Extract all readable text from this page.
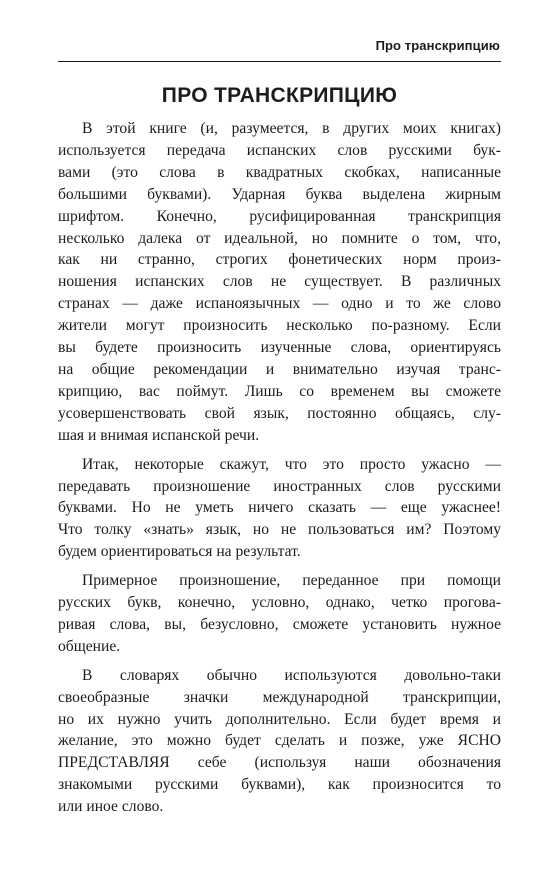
Про транскрипцию
ПРО ТРАНСКРИПЦИЮ
В этой книге (и, разумеется, в других моих книгах)
используется передача испанских слов русскими бук-
вами (это слова в квадратных скобках, написанные
большими буквами). Ударная буква выделена жирным
шрифтом. Конечно, русифицированная транскрипция
несколько далека от идеальной, но помните о том, что,
как ни странно, строгих фонетических норм произ-
ношения испанских слов не существует. В различных
странах — даже испаноязычных — одно и то же слово
жители могут произносить несколько по-разному. Если
вы будете произносить изученные слова, ориентируясь
на общие рекомендации и внимательно изучая транс-
крипцию, вас поймут. Лишь со временем вы сможете
усовершенствовать свой язык, постоянно общаясь, слу-
шая и внимая испанской речи.
Итак, некоторые скажут, что это просто ужасно —
передавать произношение иностранных слов русскими
буквами. Но не уметь ничего сказать — еще ужаснее!
Что толку «знать» язык, но не пользоваться им? Поэтому
будем ориентироваться на результат.
Примерное произношение, переданное при помощи
русских букв, конечно, условно, однако, четко проговa-
ривая слова, вы, безусловно, сможете установить нужное
общение.
В словарях обычно используются довольно-таки
своеобразные значки международной транскрипции,
но их нужно учить дополнительно. Если будет время и
желание, это можно будет сделать и позже, уже ЯСНО
ПРЕДСТАВЛЯЯ себе (используя наши обозначения
знакомыми русскими буквами), как произносится то
или иное слово.
